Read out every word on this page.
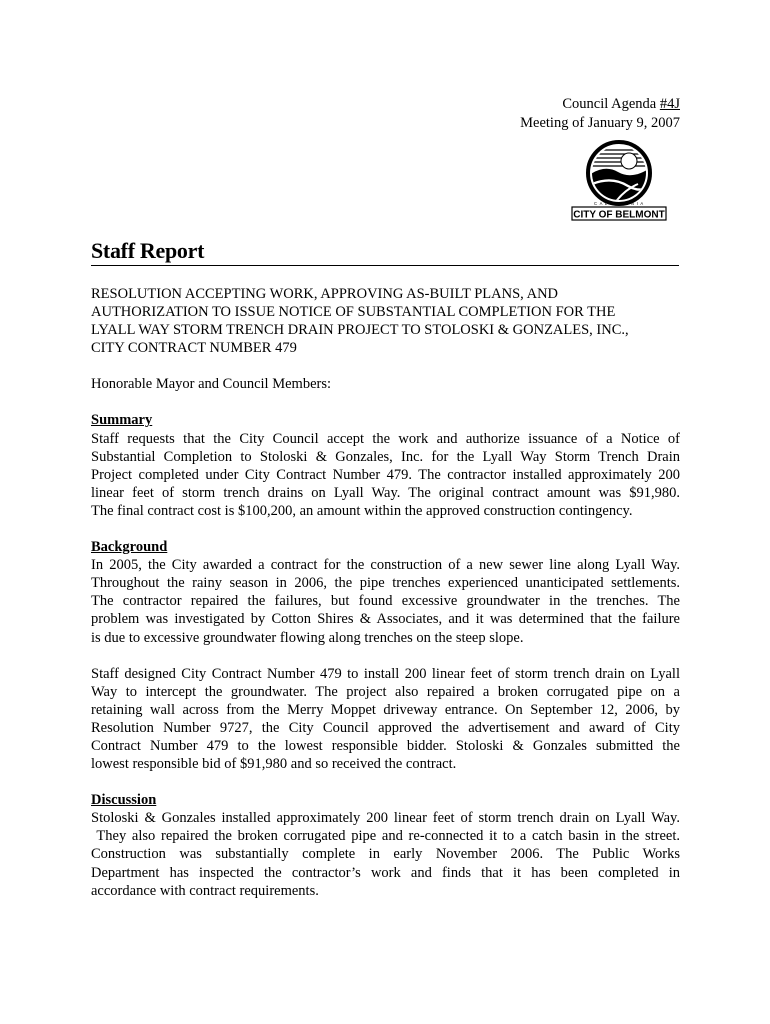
Council Agenda #4J
Meeting of January 9, 2007
C A L I F O R N I A
CITY OF BELMONT
Staff Report
RESOLUTION ACCEPTING WORK, APPROVING AS-BUILT PLANS, AND
AUTHORIZATION TO ISSUE NOTICE OF SUBSTANTIAL COMPLETION FOR THE
LYALL WAY STORM TRENCH DRAIN PROJECT TO STOLOSKI & GONZALES, INC.,
CITY CONTRACT NUMBER 479
Honorable Mayor and Council Members:
Summary
Staff requests that the City Council accept the work and authorize issuance of a Notice of
Substantial Completion to Stoloski & Gonzales, Inc. for the Lyall Way Storm Trench Drain
Project completed under City Contract Number 479. The contractor installed approximately 200
linear feet of storm trench drains on Lyall Way. The original contract amount was $91,980.
The final contract cost is $100,200, an amount within the approved construction contingency.
Background
In 2005, the City awarded a contract for the construction of a new sewer line along Lyall Way.
Throughout the rainy season in 2006, the pipe trenches experienced unanticipated settlements.
The contractor repaired the failures, but found excessive groundwater in the trenches. The
problem was investigated by Cotton Shires & Associates, and it was determined that the failure
is due to excessive groundwater flowing along trenches on the steep slope.
Staff designed City Contract Number 479 to install 200 linear feet of storm trench drain on Lyall
Way to intercept the groundwater. The project also repaired a broken corrugated pipe on a
retaining wall across from the Merry Moppet driveway entrance. On September 12, 2006, by
Resolution Number 9727, the City Council approved the advertisement and award of City
Contract Number 479 to the lowest responsible bidder. Stoloski & Gonzales submitted the
lowest responsible bid of $91,980 and so received the contract.
Discussion
Stoloski & Gonzales installed approximately 200 linear feet of storm trench drain on Lyall Way.
They also repaired the broken corrugated pipe and re-connected it to a catch basin in the street.
Construction was substantially complete in early November 2006. The Public Works
Department has inspected the contractor’s work and finds that it has been completed in
accordance with contract requirements.
